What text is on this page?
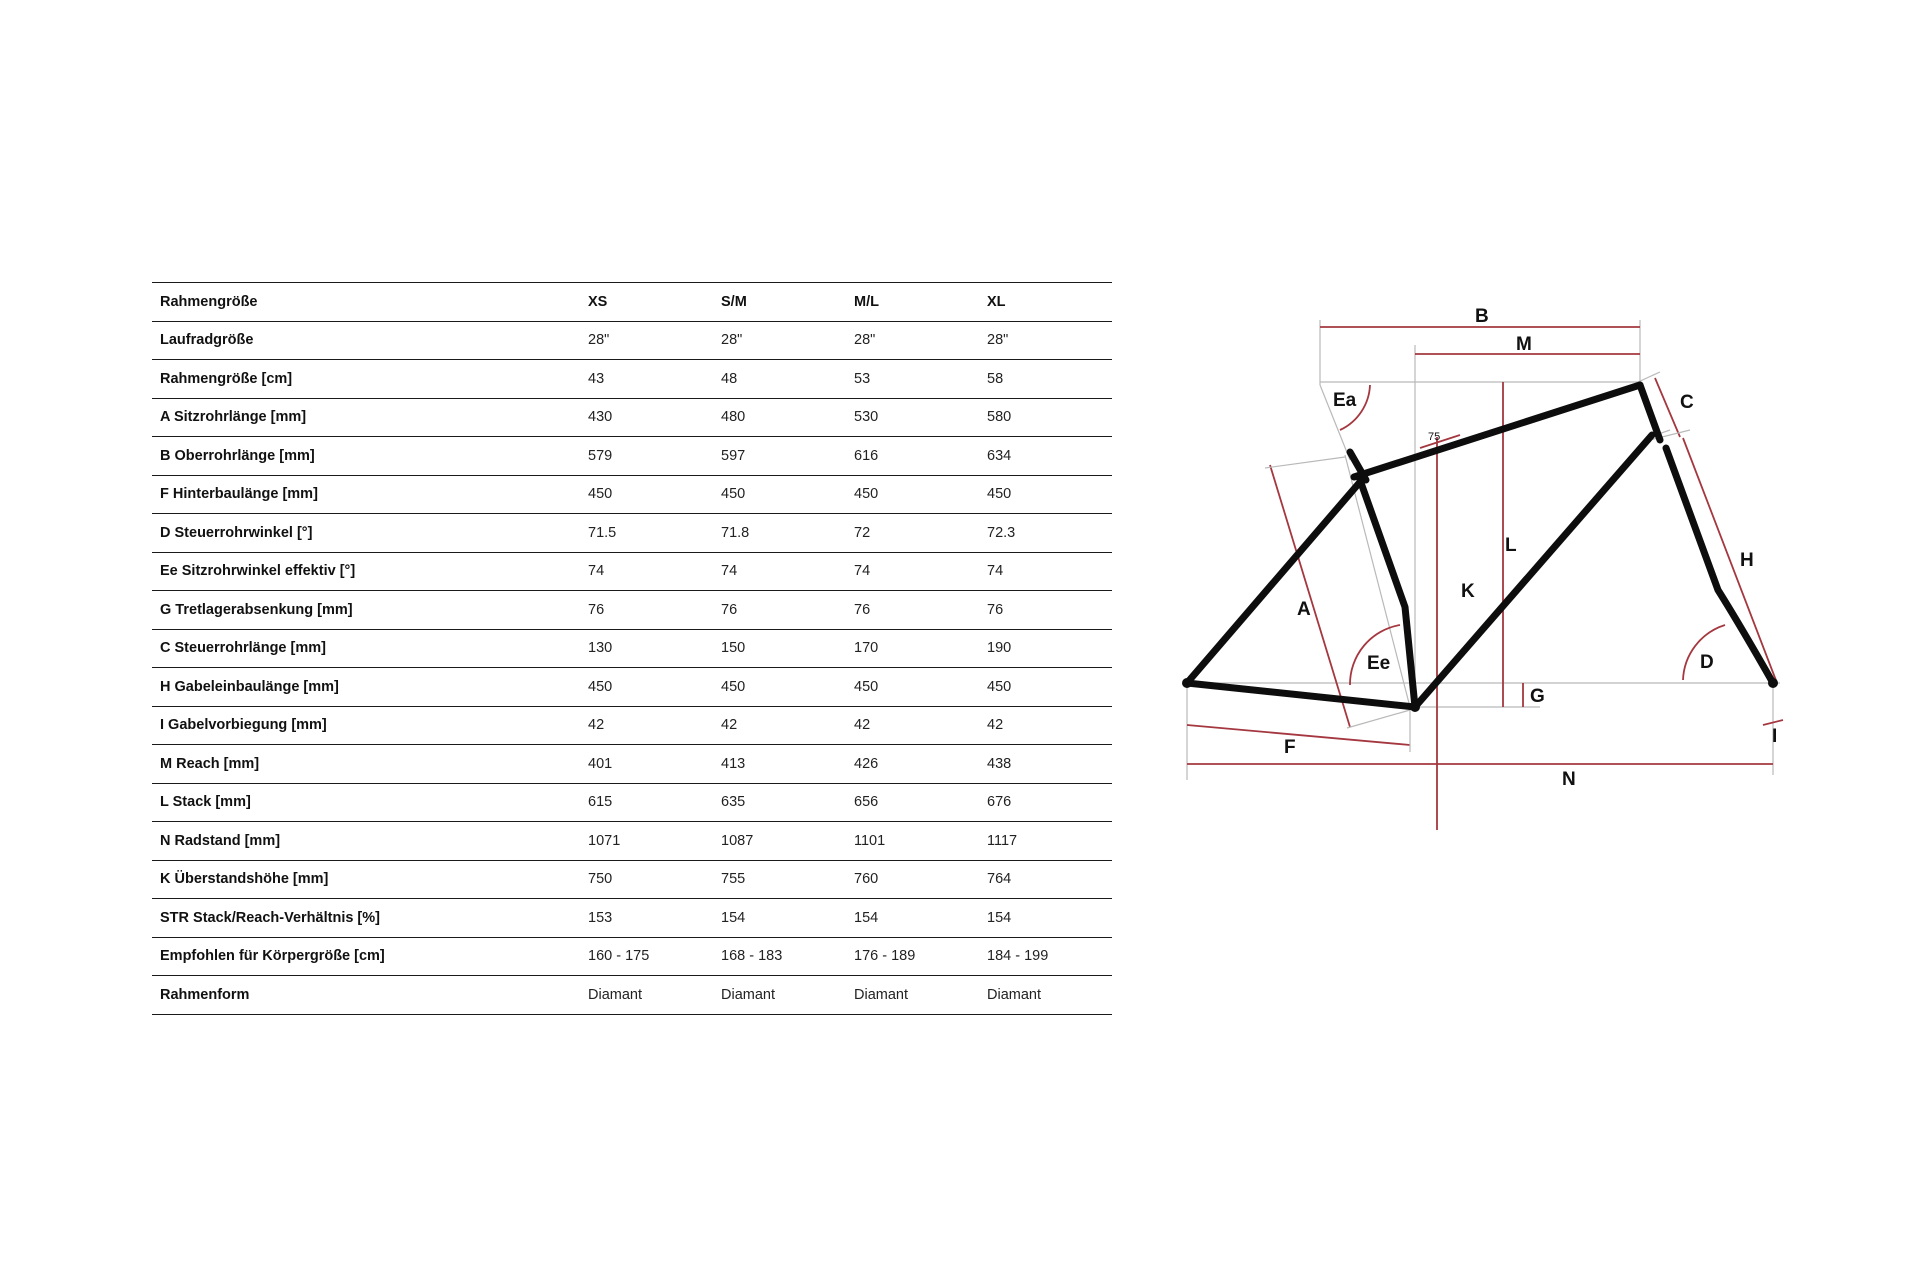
Rahmengröße	XS	S/M	M/L	XL
Laufradgröße	28"	28"	28"	28"
Rahmengröße [cm]	43	48	53	58
A Sitzrohrlänge [mm]	430	480	530	580
B Oberrohrlänge [mm]	579	597	616	634
F Hinterbaulänge [mm]	450	450	450	450
D Steuerrohrwinkel [°]	71.5	71.8	72	72.3
Ee Sitzrohrwinkel effektiv [°]	74	74	74	74
G Tretlagerabsenkung [mm]	76	76	76	76
C Steuerrohrlänge [mm]	130	150	170	190
H Gabeleinbaulänge [mm]	450	450	450	450
I Gabelvorbiegung [mm]	42	42	42	42
M Reach [mm]	401	413	426	438
L Stack [mm]	615	635	656	676
N Radstand [mm]	1071	1087	1101	1117
K Überstandshöhe [mm]	750	755	760	764
STR Stack/Reach-Verhältnis [%]	153	154	154	154
Empfohlen für Körpergröße [cm]	160 - 175	168 - 183	176 - 189	184 - 199
Rahmenform	Diamant	Diamant	Diamant	Diamant
B
M
Ea
75
C
L
K
H
A
Ee	D
G
I
F
N
